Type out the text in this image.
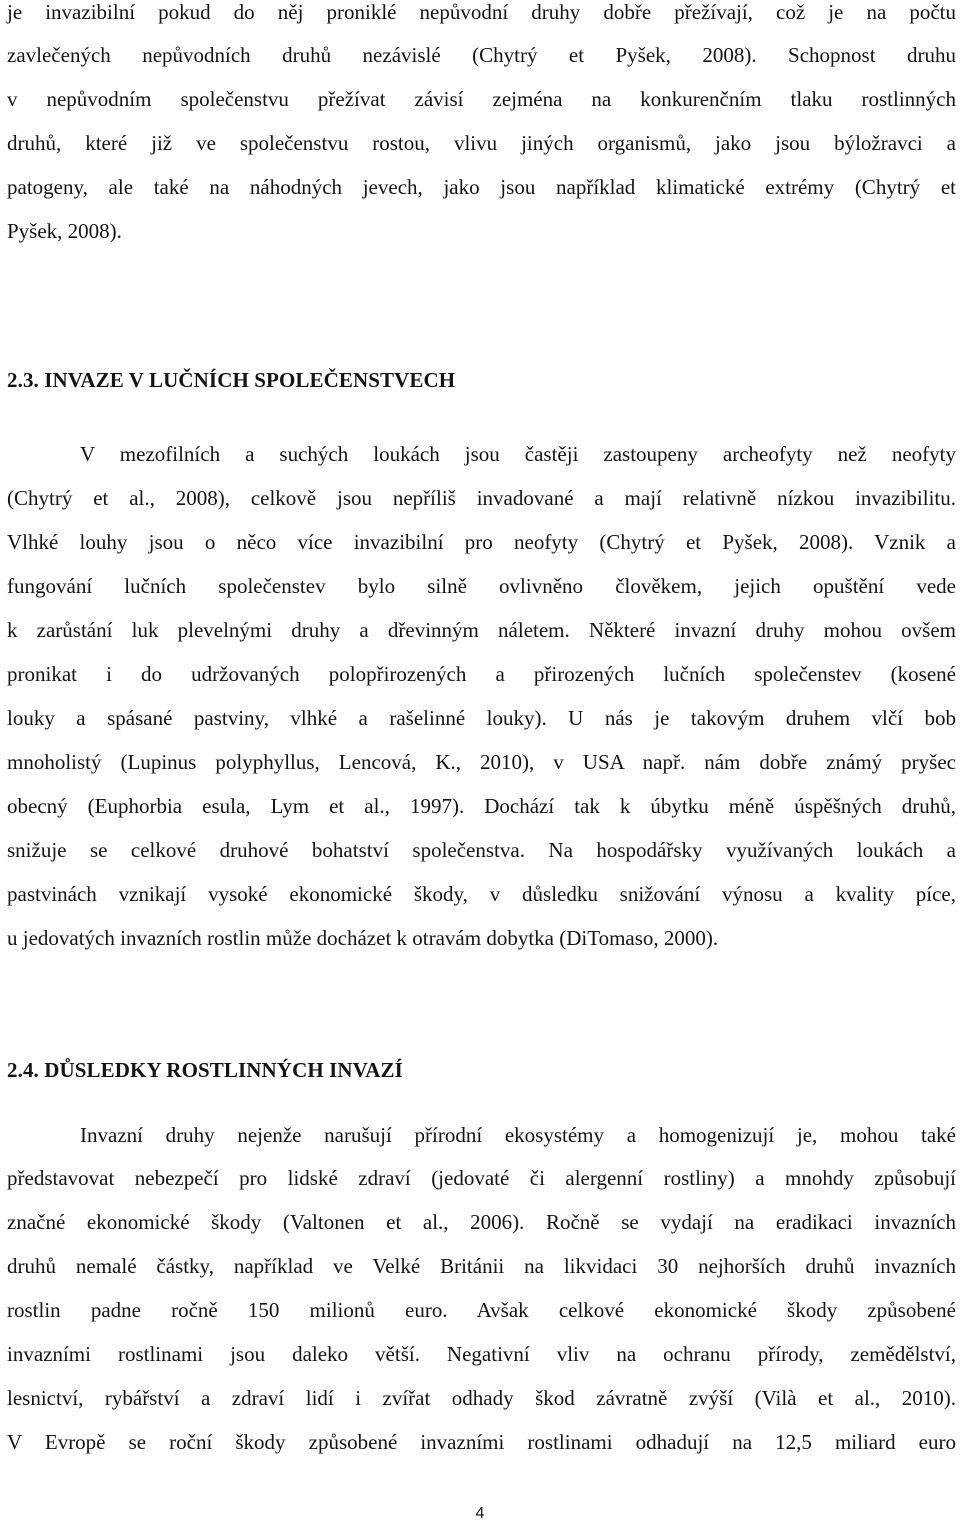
je invazibilní pokud do něj proniklé nepůvodní druhy dobře přežívají, což je na počtu
zavlečených nepůvodních druhů nezávislé (Chytrý et Pyšek, 2008). Schopnost druhu
v nepůvodním společenstvu přežívat závisí zejména na konkurenčním tlaku rostlinných
druhů, které již ve společenstvu rostou, vlivu jiných organismů, jako jsou býložravci a
patogeny, ale také na náhodných jevech, jako jsou například klimatické extrémy (Chytrý et
Pyšek, 2008).
2.3. INVAZE V LUČNÍCH SPOLEČENSTVECH
V mezofilních a suchých loukách jsou častěji zastoupeny archeofyty než neofyty
(Chytrý et al., 2008), celkově jsou nepříliš invadované a mají relativně nízkou invazibilitu.
Vlhké louhy jsou o něco více invazibilní pro neofyty (Chytrý et Pyšek, 2008). Vznik a
fungování lučních společenstev bylo silně ovlivněno člověkem, jejich opuštění vede
k zarůstání luk plevelnými druhy a dřevinným náletem. Některé invazní druhy mohou ovšem
pronikat i do udržovaných polopřirozených a přirozených lučních společenstev (kosené
louky a spásané pastviny, vlhké a rašelinné louky). U nás je takovým druhem vlčí bob
mnoholistý (Lupinus polyphyllus, Lencová, K., 2010), v USA např. nám dobře známý pryšec
obecný (Euphorbia esula, Lym et al., 1997). Dochází tak k úbytku méně úspěšných druhů,
snižuje se celkové druhové bohatství společenstva. Na hospodářsky využívaných loukách a
pastvinách vznikají vysoké ekonomické škody, v důsledku snižování výnosu a kvality píce,
u jedovatých invazních rostlin může docházet k otravám dobytka (DiTomaso, 2000).
2.4. DŮSLEDKY ROSTLINNÝCH INVAZÍ
Invazní druhy nejenže narušují přírodní ekosystémy a homogenizují je, mohou také
představovat nebezpečí pro lidské zdraví (jedovaté či alergenní rostliny) a mnohdy způsobují
značné ekonomické škody (Valtonen et al., 2006). Ročně se vydají na eradikaci invazních
druhů nemalé částky, například ve Velké Británii na likvidaci 30 nejhorších druhů invazních
rostlin padne ročně 150 milionů euro. Avšak celkové ekonomické škody způsobené
invazními rostlinami jsou daleko větší. Negativní vliv na ochranu přírody, zemědělství,
lesnictví, rybářství a zdraví lidí i zvířat odhady škod závratně zvýší (Vilà et al., 2010).
V Evropě se roční škody způsobené invazními rostlinami odhadují na 12,5 miliard euro
4
